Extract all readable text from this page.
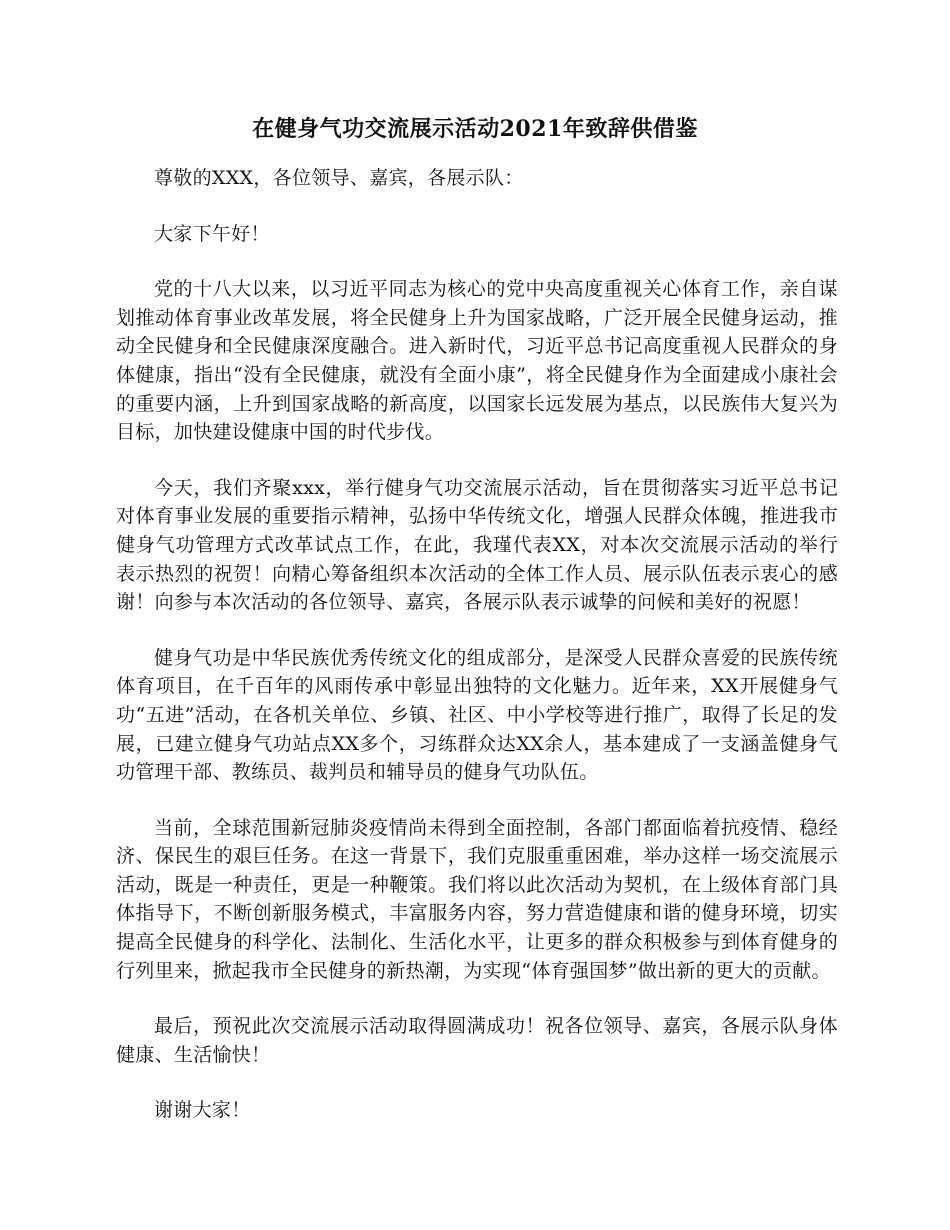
在健身气功交流展示活动2021年致辞供借鉴

尊敬的XXX，各位领导、嘉宾，各展示队：

大家下午好！

党的十八大以来，以习近平同志为核心的党中央高度重视关心体育工作，亲自谋划推动体育事业改革发展，将全民健身上升为国家战略，广泛开展全民健身运动，推动全民健身和全民健康深度融合。进入新时代，习近平总书记高度重视人民群众的身体健康，指出“没有全民健康，就没有全面小康”，将全民健身作为全面建成小康社会的重要内涵，上升到国家战略的新高度，以国家长远发展为基点，以民族伟大复兴为目标，加快建设健康中国的时代步伐。

今天，我们齐聚xxx，举行健身气功交流展示活动，旨在贯彻落实习近平总书记对体育事业发展的重要指示精神，弘扬中华传统文化，增强人民群众体魄，推进我市健身气功管理方式改革试点工作，在此，我瑾代表XX，对本次交流展示活动的举行表示热烈的祝贺！向精心筹备组织本次活动的全体工作人员、展示队伍表示衷心的感谢！向参与本次活动的各位领导、嘉宾，各展示队表示诚挚的问候和美好的祝愿！

健身气功是中华民族优秀传统文化的组成部分，是深受人民群众喜爱的民族传统体育项目，在千百年的风雨传承中彰显出独特的文化魅力。近年来，XX开展健身气功“五进”活动，在各机关单位、乡镇、社区、中小学校等进行推广，取得了长足的发展，已建立健身气功站点XX多个，习练群众达XX余人，基本建成了一支涵盖健身气功管理干部、教练员、裁判员和辅导员的健身气功队伍。

当前，全球范围新冠肺炎疫情尚未得到全面控制，各部门都面临着抗疫情、稳经济、保民生的艰巨任务。在这一背景下，我们克服重重困难，举办这样一场交流展示活动，既是一种责任，更是一种鞭策。我们将以此次活动为契机，在上级体育部门具体指导下，不断创新服务模式，丰富服务内容，努力营造健康和谐的健身环境，切实提高全民健身的科学化、法制化、生活化水平，让更多的群众积极参与到体育健身的行列里来，掀起我市全民健身的新热潮，为实现“体育强国梦”做出新的更大的贡献。

最后，预祝此次交流展示活动取得圆满成功！祝各位领导、嘉宾，各展示队身体健康、生活愉快！

谢谢大家！
